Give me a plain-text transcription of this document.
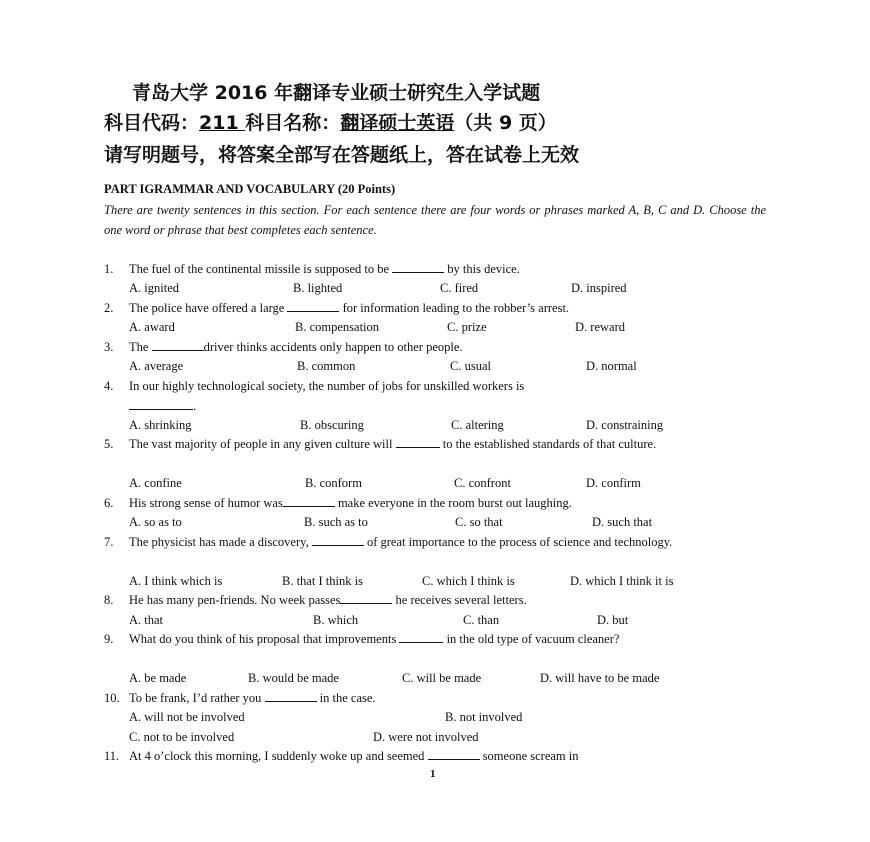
青岛大学 2016 年翻译专业硕士研究生入学试题
科目代码：211 科目名称：翻译硕士英语（共 9 页）
请写明题号，将答案全部写在答题纸上，答在试卷上无效
PART IGRAMMAR AND VOCABULARY (20 Points)
There are twenty sentences in this section. For each sentence there are four words or phrases marked A, B, C and D. Choose the one word or phrase that best completes each sentence.
1. The fuel of the continental missile is supposed to be	by this device.
A. ignited	B. lighted	C. fired	D. inspired
2. The police have offered a large	for information leading to the robber’s arrest.
A. award	B. compensation	C. prize	D. reward
3. The	driver thinks accidents only happen to other people.
A. average	B. common	C. usual	D. normal
4. In our highly technological society, the number of jobs for unskilled workers is
.
A. shrinking	B. obscuring	C. altering	D. constraining
5. The vast majority of people in any given culture will	to the established standards of that culture.
A. confine	B. conform	C. confront	D. confirm
6. His strong sense of humor was	make everyone in the room burst out laughing.
A. so as to	B. such as to	C. so that	D. such that
7. The physicist has made a discovery,	of great importance to the process of science and technology.
A. I think which is	B. that I think is	C. which I think is	D. which I think it is
8. He has many pen-friends. No week passes	he receives several letters.
A. that	B. which	C. than	D. but
9. What do you think of his proposal that improvements	in the old type of vacuum cleaner?
A. be made	B. would be made	C. will be made	D. will have to be made
10. To be frank, I’d rather you	in the case.
A. will not be involved	B. not involved
C. not to be involved	D. were not involved
11. At 4 o’clock this morning, I suddenly woke up and seemed	someone scream in
1
